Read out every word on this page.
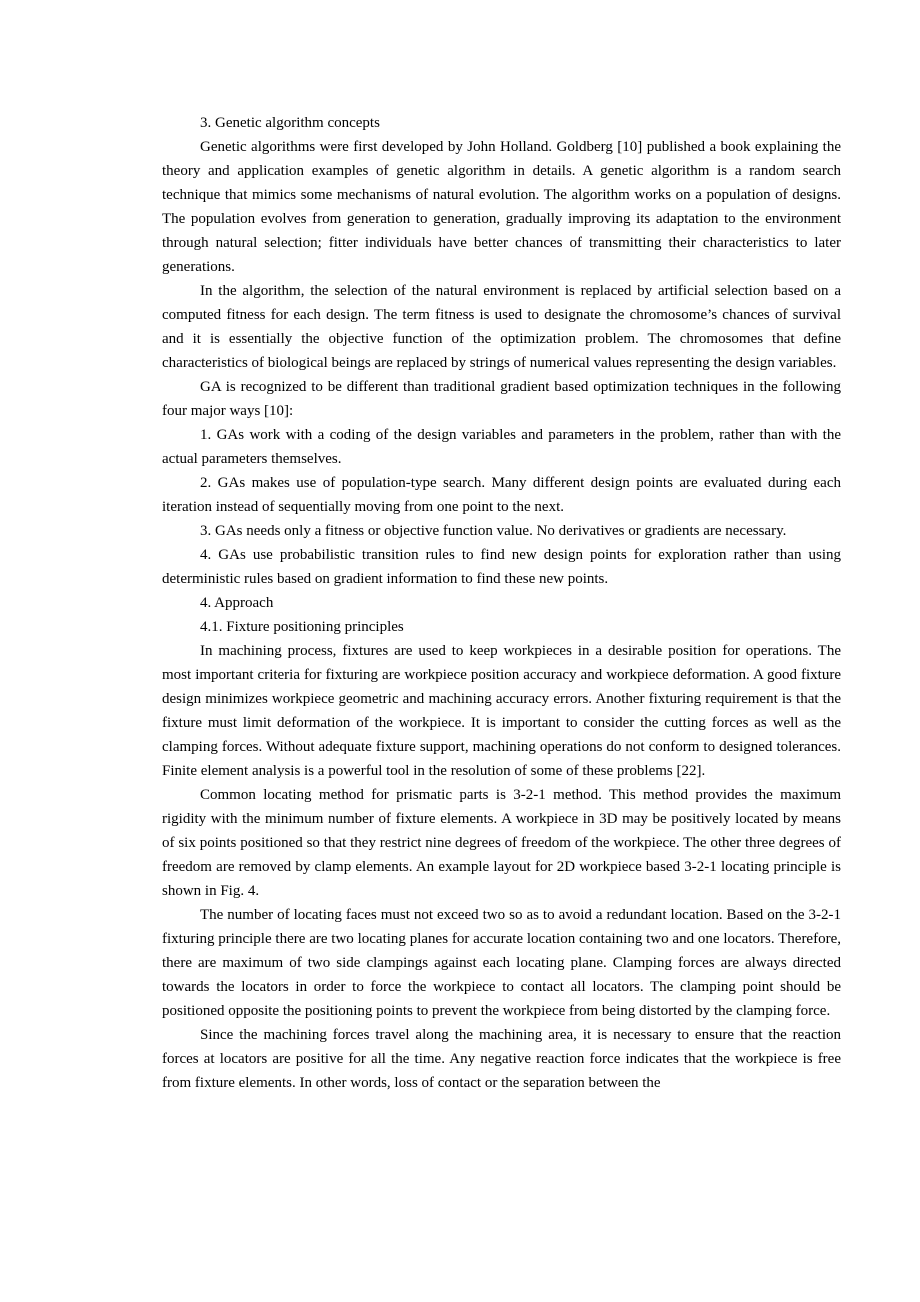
3. Genetic algorithm concepts

Genetic algorithms were first developed by John Holland. Goldberg [10] published a book explaining the theory and application examples of genetic algorithm in details. A genetic algorithm is a random search technique that mimics some mechanisms of natural evolution. The algorithm works on a population of designs. The population evolves from generation to generation, gradually improving its adaptation to the environment through natural selection; fitter individuals have better chances of transmitting their characteristics to later generations.

In the algorithm, the selection of the natural environment is replaced by artificial selection based on a computed fitness for each design. The term fitness is used to designate the chromosome’s chances of survival and it is essentially the objective function of the optimization problem. The chromosomes that define characteristics of biological beings are replaced by strings of numerical values representing the design variables.

GA is recognized to be different than traditional gradient based optimization techniques in the following four major ways [10]:

1. GAs work with a coding of the design variables and parameters in the problem, rather than with the actual parameters themselves.

2. GAs makes use of population-type search. Many different design points are evaluated during each iteration instead of sequentially moving from one point to the next.

3. GAs needs only a fitness or objective function value. No derivatives or gradients are necessary.

4. GAs use probabilistic transition rules to find new design points for exploration rather than using deterministic rules based on gradient information to find these new points.

4. Approach

4.1. Fixture positioning principles

In machining process, fixtures are used to keep workpieces in a desirable position for operations. The most important criteria for fixturing are workpiece position accuracy and workpiece deformation. A good fixture design minimizes workpiece geometric and machining accuracy errors. Another fixturing requirement is that the fixture must limit deformation of the workpiece. It is important to consider the cutting forces as well as the clamping forces. Without adequate fixture support, machining operations do not conform to designed tolerances. Finite element analysis is a powerful tool in the resolution of some of these problems [22].

Common locating method for prismatic parts is 3-2-1 method. This method provides the maximum rigidity with the minimum number of fixture elements. A workpiece in 3D may be positively located by means of six points positioned so that they restrict nine degrees of freedom of the workpiece. The other three degrees of freedom are removed by clamp elements. An example layout for 2D workpiece based 3-2-1 locating principle is shown in Fig. 4.

The number of locating faces must not exceed two so as to avoid a redundant location. Based on the 3-2-1 fixturing principle there are two locating planes for accurate location containing two and one locators. Therefore, there are maximum of two side clampings against each locating plane. Clamping forces are always directed towards the locators in order to force the workpiece to contact all locators. The clamping point should be positioned opposite the positioning points to prevent the workpiece from being distorted by the clamping force.

Since the machining forces travel along the machining area, it is necessary to ensure that the reaction forces at locators are positive for all the time. Any negative reaction force indicates that the workpiece is free from fixture elements. In other words, loss of contact or the separation between the
